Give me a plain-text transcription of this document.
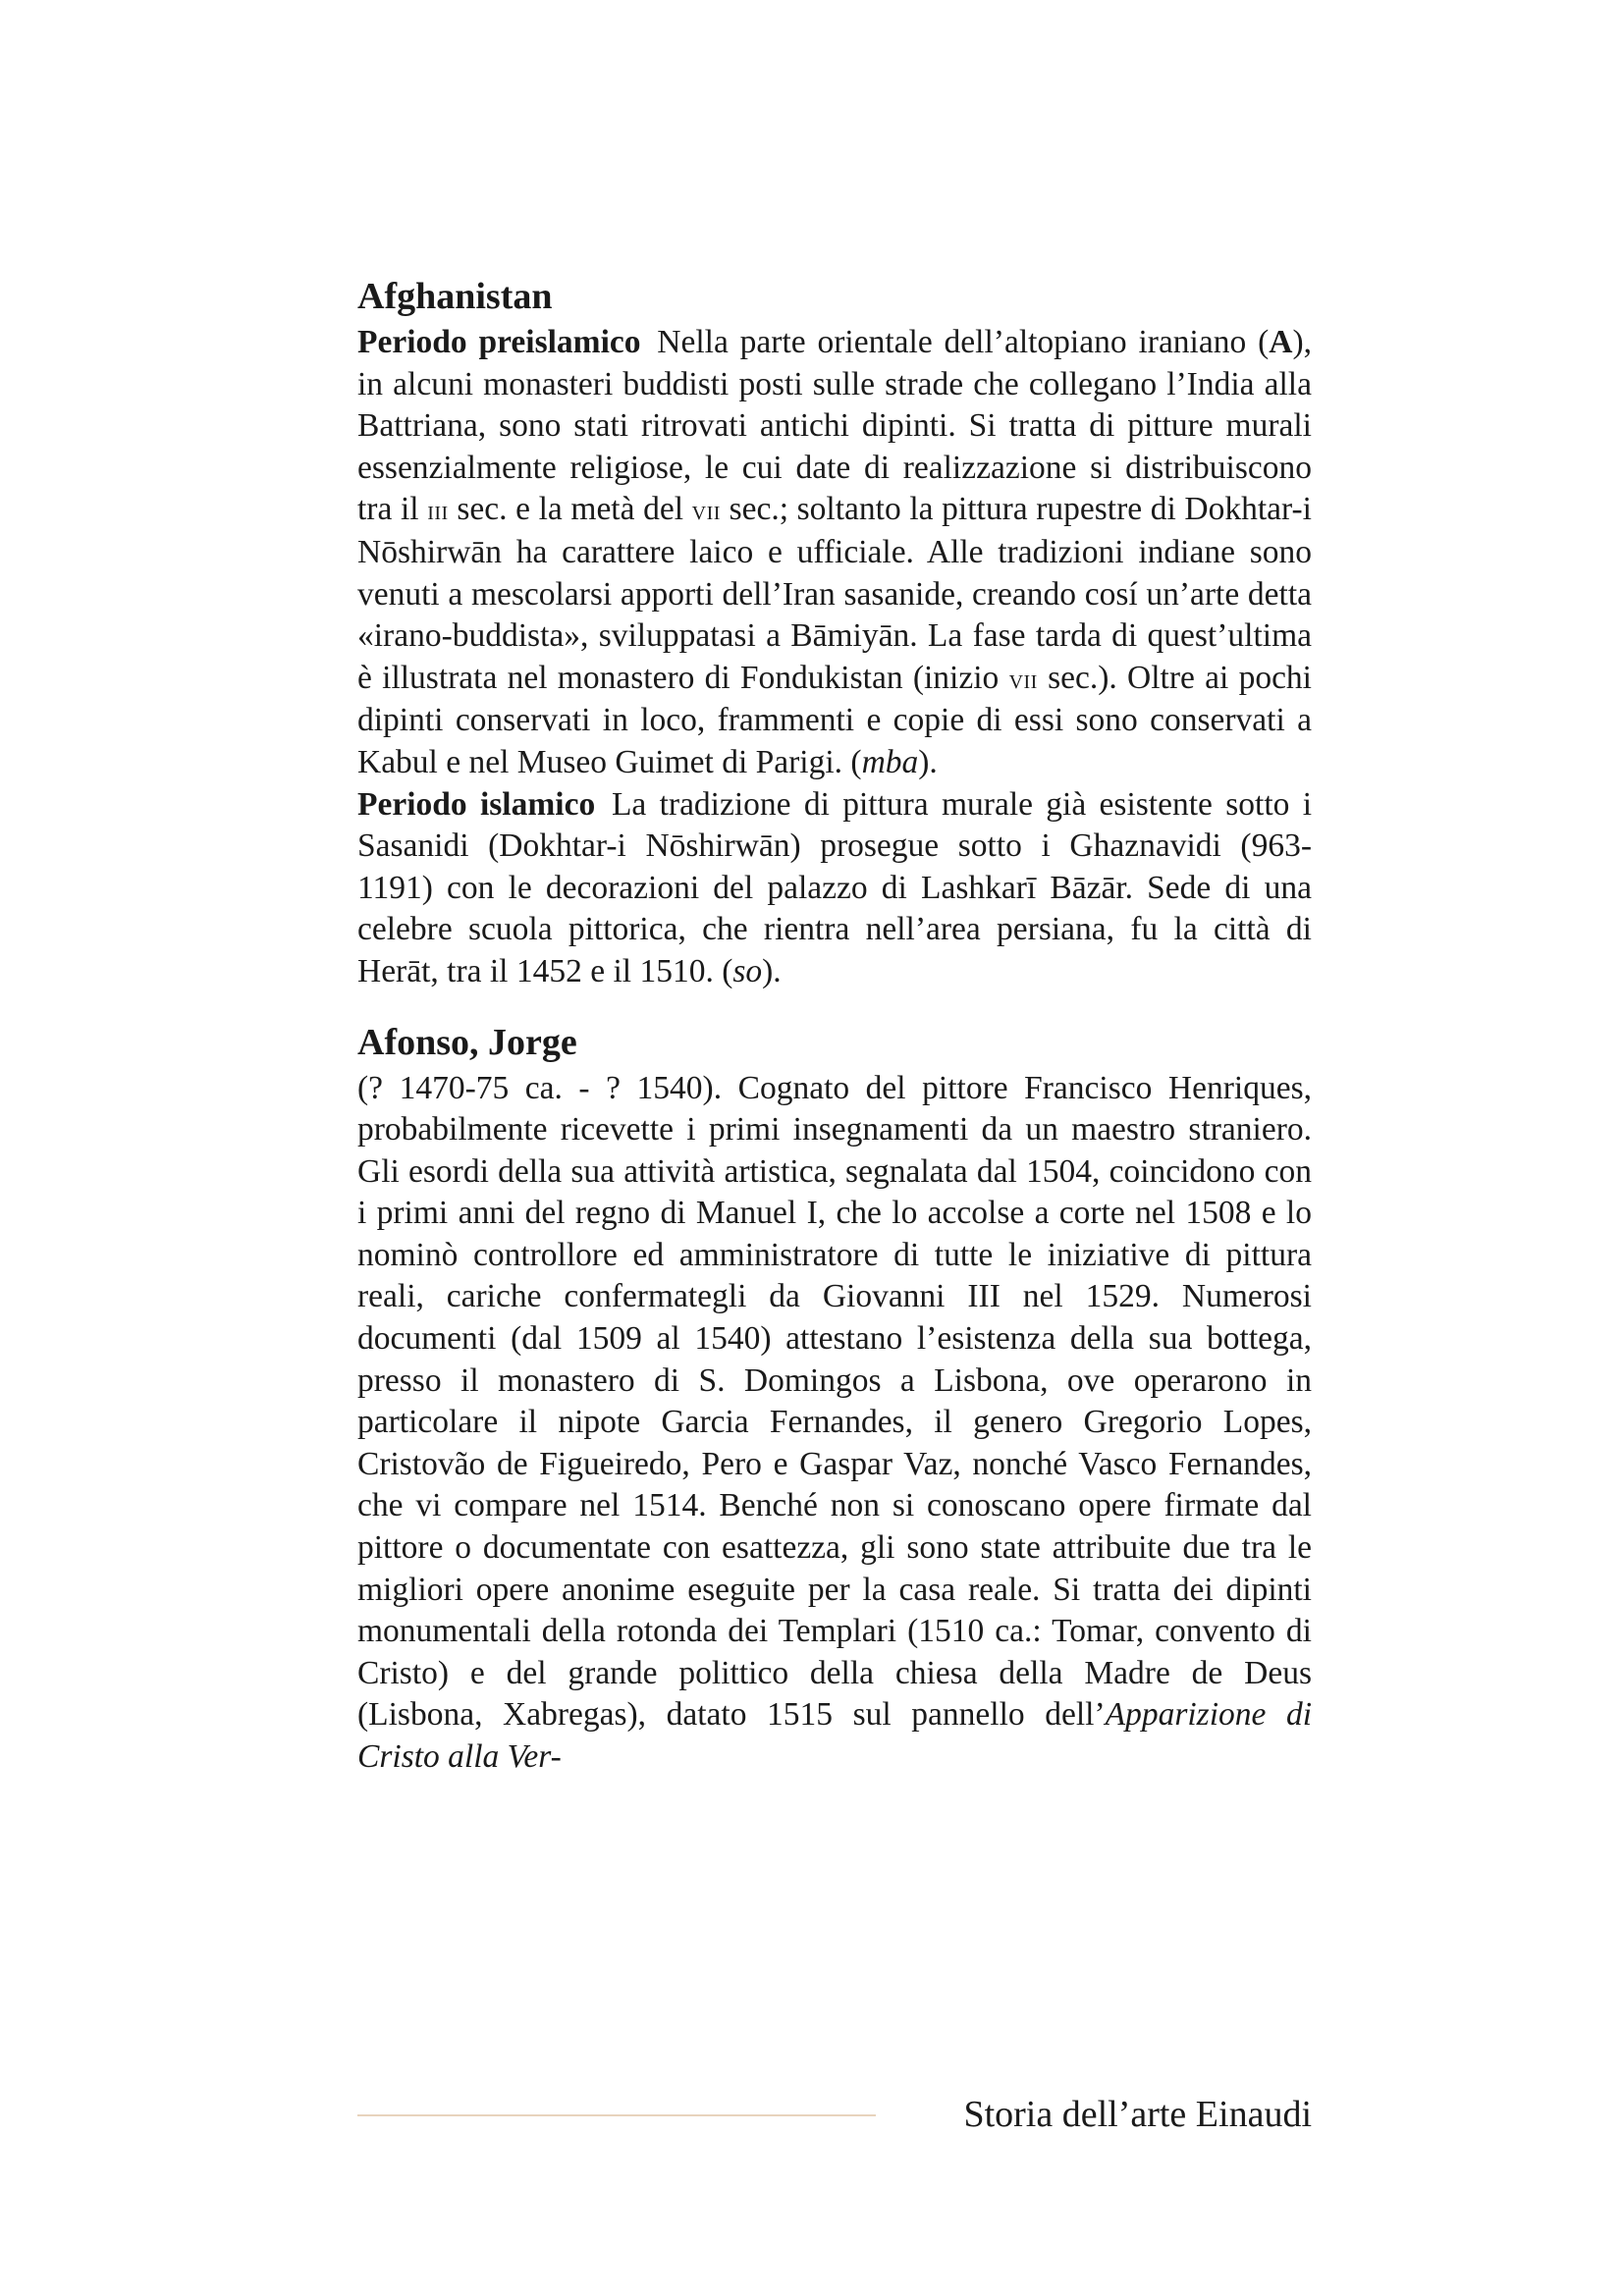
Afghanistan

Periodo preislamico  Nella parte orientale dell’altopiano iraniano (A), in alcuni monasteri buddisti posti sulle strade che collegano l’India alla Battriana, sono stati ritrovati antichi dipinti. Si tratta di pitture murali essenzialmente religiose, le cui date di realizzazione si distribuiscono tra il iii sec. e la metà del vii sec.; soltanto la pittura rupestre di Dokhtar-i Nōshirwān ha carattere laico e ufficiale. Alle tradizioni indiane sono venuti a mescolarsi apporti dell’Iran sasanide, creando cosí un’arte detta «irano-buddista», sviluppatasi a Bāmiyān. La fase tarda di quest’ultima è illustrata nel monastero di Fondukistan (inizio vii sec.). Oltre ai pochi dipinti conservati in loco, frammenti e copie di essi sono conservati a Kabul e nel Museo Guimet di Parigi. (mba).

Periodo islamico  La tradizione di pittura murale già esistente sotto i Sasanidi (Dokhtar-i Nōshirwān) prosegue sotto i Ghaznavidi (963- 1191) con le decorazioni del palazzo di Lashkarī Bāzār. Sede di una celebre scuola pittorica, che rientra nell’area persiana, fu la città di Herāt, tra il 1452 e il 1510. (so).

Afonso, Jorge

(? 1470-75 ca. - ? 1540). Cognato del pittore Francisco Henriques, probabilmente ricevette i primi insegnamenti da un maestro straniero. Gli esordi della sua attività artistica, segnalata dal 1504, coincidono con i primi anni del regno di Manuel I, che lo accolse a corte nel 1508 e lo nominò controllore ed amministratore di tutte le iniziative di pittura reali, cariche confermategli da Giovanni III nel 1529. Numerosi documenti (dal 1509 al 1540) attestano l’esistenza della sua bottega, presso il monastero di S. Domingos a Lisbona, ove operarono in particolare il nipote Garcia Fernandes, il genero Gregorio Lopes, Cristovão de Figueiredo, Pero e Gaspar Vaz, nonché Vasco Fernandes, che vi compare nel 1514. Benché non si conoscano opere firmate dal pittore o documentate con esattezza, gli sono state attribuite due tra le migliori opere anonime eseguite per la casa reale. Si tratta dei dipinti monumentali della rotonda dei Templari (1510 ca.: Tomar, convento di Cristo) e del grande polittico della chiesa della Madre de Deus (Lisbona, Xabregas), datato 1515 sul pannello dell’Apparizione di Cristo alla Ver-

Storia dell’arte Einaudi
